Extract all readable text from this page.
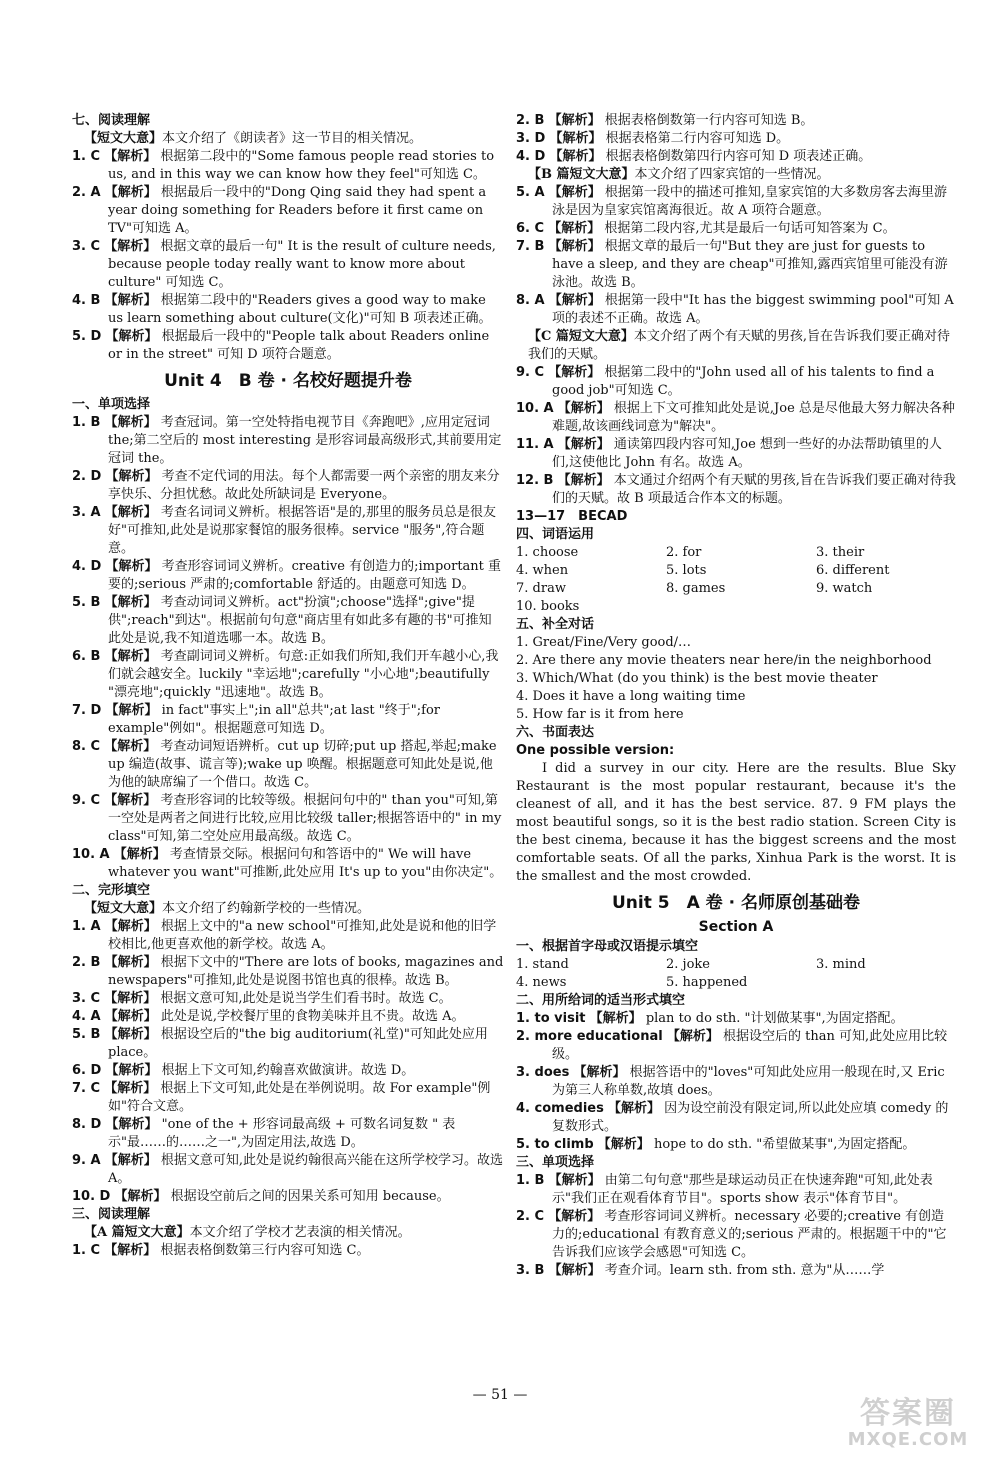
七、阅读理解

【短文大意】本文介绍了《朗读者》这一节目的相关情况。

1. C 【解析】 根据第二段中的"Some famous people read stories to us, and in this way we can know how they feel"可知选 C。

2. A 【解析】 根据最后一段中的"Dong Qing said they had spent a year doing something for Readers before it first came on TV"可知选 A。

3. C 【解析】 根据文章的最后一句" It is the result of culture needs, because people today really want to know more about culture" 可知选 C。

4. B 【解析】 根据第二段中的"Readers gives a good way to make us learn something about culture(文化)"可知 B 项表述正确。

5. D 【解析】 根据最后一段中的"People talk about Readers online or in the street" 可知 D 项符合题意。

Unit 4　B 卷 · 名校好题提升卷

一、单项选择

1. B 【解析】 考查冠词。第一空处特指电视节目《奔跑吧》,应用定冠词 the;第二空后的 most interesting 是形容词最高级形式,其前要用定冠词 the。

2. D 【解析】 考查不定代词的用法。每个人都需要一两个亲密的朋友来分享快乐、分担忧愁。故此处所缺词是 Everyone。

3. A 【解析】 考查名词词义辨析。根据答语"是的,那里的服务员总是很友好"可推知,此处是说那家餐馆的服务很棒。service "服务",符合题意。

4. D 【解析】 考查形容词词义辨析。creative 有创造力的;important 重要的;serious 严肃的;comfortable 舒适的。由题意可知选 D。

5. B 【解析】 考查动词词义辨析。act"扮演";choose"选择";give"提供";reach"到达"。根据前句句意"商店里有如此多有趣的书"可推知此处是说,我不知道选哪一本。故选 B。

6. B 【解析】 考查副词词义辨析。句意:正如我们所知,我们开车越小心,我们就会越安全。luckily "幸运地";carefully "小心地";beautifully "漂亮地";quickly "迅速地"。故选 B。

7. D 【解析】 in fact"事实上";in all"总共";at last "终于";for example"例如"。根据题意可知选 D。

8. C 【解析】 考查动词短语辨析。cut up 切碎;put up 搭起,举起;make up 编造(故事、谎言等);wake up 唤醒。根据题意可知此处是说,他为他的缺席编了一个借口。故选 C。

9. C 【解析】 考查形容词的比较等级。根据问句中的" than you"可知,第一空处是两者之间进行比较,应用比较级 taller;根据答语中的" in my class"可知,第二空处应用最高级。故选 C。

10. A 【解析】 考查情景交际。根据问句和答语中的" We will have whatever you want"可推断,此处应用 It's up to you"由你决定"。

二、完形填空

【短文大意】本文介绍了约翰新学校的一些情况。

1. A 【解析】 根据上文中的"a new school"可推知,此处是说和他的旧学校相比,他更喜欢他的新学校。故选 A。

2. B 【解析】 根据下文中的"There are lots of books, magazines and newspapers"可推知,此处是说图书馆也真的很棒。故选 B。

3. C 【解析】 根据文意可知,此处是说当学生们看书时。故选 C。

4. A 【解析】 此处是说,学校餐厅里的食物美味并且不贵。故选 A。

5. B 【解析】 根据设空后的"the big auditorium(礼堂)"可知此处应用 place。

6. D 【解析】 根据上下文可知,约翰喜欢做演讲。故选 D。

7. C 【解析】 根据上下文可知,此处是在举例说明。故 For example"例如"符合文意。

8. D 【解析】 "one of the + 形容词最高级 + 可数名词复数 " 表示"最……的……之一",为固定用法,故选 D。

9. A 【解析】 根据文意可知,此处是说约翰很高兴能在这所学校学习。故选 A。

10. D 【解析】 根据设空前后之间的因果关系可知用 because。

三、阅读理解

【A 篇短文大意】本文介绍了学校才艺表演的相关情况。

1. C 【解析】 根据表格倒数第三行内容可知选 C。

2. B 【解析】 根据表格倒数第一行内容可知选 B。

3. D 【解析】 根据表格第二行内容可知选 D。

4. D 【解析】 根据表格倒数第四行内容可知 D 项表述正确。

【B 篇短文大意】本文介绍了四家宾馆的一些情况。

5. A 【解析】 根据第一段中的描述可推知,皇家宾馆的大多数房客去海里游泳是因为皇家宾馆离海很近。故 A 项符合题意。

6. C 【解析】 根据第二段内容,尤其是最后一句话可知答案为 C。

7. B 【解析】 根据文章的最后一句"But they are just for guests to have a sleep, and they are cheap"可推知,露西宾馆里可能没有游泳池。故选 B。

8. A 【解析】 根据第一段中"It has the biggest swimming pool"可知 A 项的表述不正确。故选 A。

【C 篇短文大意】本文介绍了两个有天赋的男孩,旨在告诉我们要正确对待我们的天赋。

9. C 【解析】 根据第二段中的"John used all of his talents to find a good job"可知选 C。

10. A 【解析】 根据上下文可推知此处是说,Joe 总是尽他最大努力解决各种难题,故该画线词意为"解决"。

11. A 【解析】 通读第四段内容可知,Joe 想到一些好的办法帮助镇里的人们,这使他比 John 有名。故选 A。

12. B 【解析】 本文通过介绍两个有天赋的男孩,旨在告诉我们要正确对待我们的天赋。故 B 项最适合作本文的标题。

13—17　BECAD

四、词语运用

1. choose	2. for	3. their
4. when	5. lots	6. different
7. draw	8. games	9. watch
10. books

五、补全对话

1. Great/Fine/Very good/…

2. Are there any movie theaters near here/in the neighborhood

3. Which/What (do you think) is the best movie theater

4. Does it have a long waiting time

5. How far is it from here

六、书面表达

One possible version:

I did a survey in our city. Here are the results. Blue Sky Restaurant is the most popular restaurant, because it's the cleanest of all, and it has the best service. 87. 9 FM plays the most beautiful songs, so it is the best radio station. Screen City is the best cinema, because it has the biggest screens and the most comfortable seats. Of all the parks, Xinhua Park is the worst. It is the smallest and the most crowded.

Unit 5　A 卷 · 名师原创基础卷
Section A

一、根据首字母或汉语提示填空

1. stand	2. joke	3. mind
4. news	5. happened

二、用所给词的适当形式填空

1. to visit 【解析】 plan to do sth. "计划做某事",为固定搭配。

2. more educational 【解析】 根据设空后的 than 可知,此处应用比较级。

3. does 【解析】 根据答语中的"loves"可知此处应用一般现在时,又 Eric 为第三人称单数,故填 does。

4. comedies 【解析】 因为设空前没有限定词,所以此处应填 comedy 的复数形式。

5. to climb 【解析】 hope to do sth. "希望做某事",为固定搭配。

三、单项选择

1. B 【解析】 由第二句句意"那些是球运动员正在快速奔跑"可知,此处表示"我们正在观看体育节目"。sports show 表示"体育节目"。

2. C 【解析】 考查形容词词义辨析。necessary 必要的;creative 有创造力的;educational 有教育意义的;serious 严肃的。根据题干中的"它告诉我们应该学会感恩"可知选 C。

3. B 【解析】 考查介词。learn sth. from sth. 意为"从……学

— 51 —
答案圈
MXQE.COM
